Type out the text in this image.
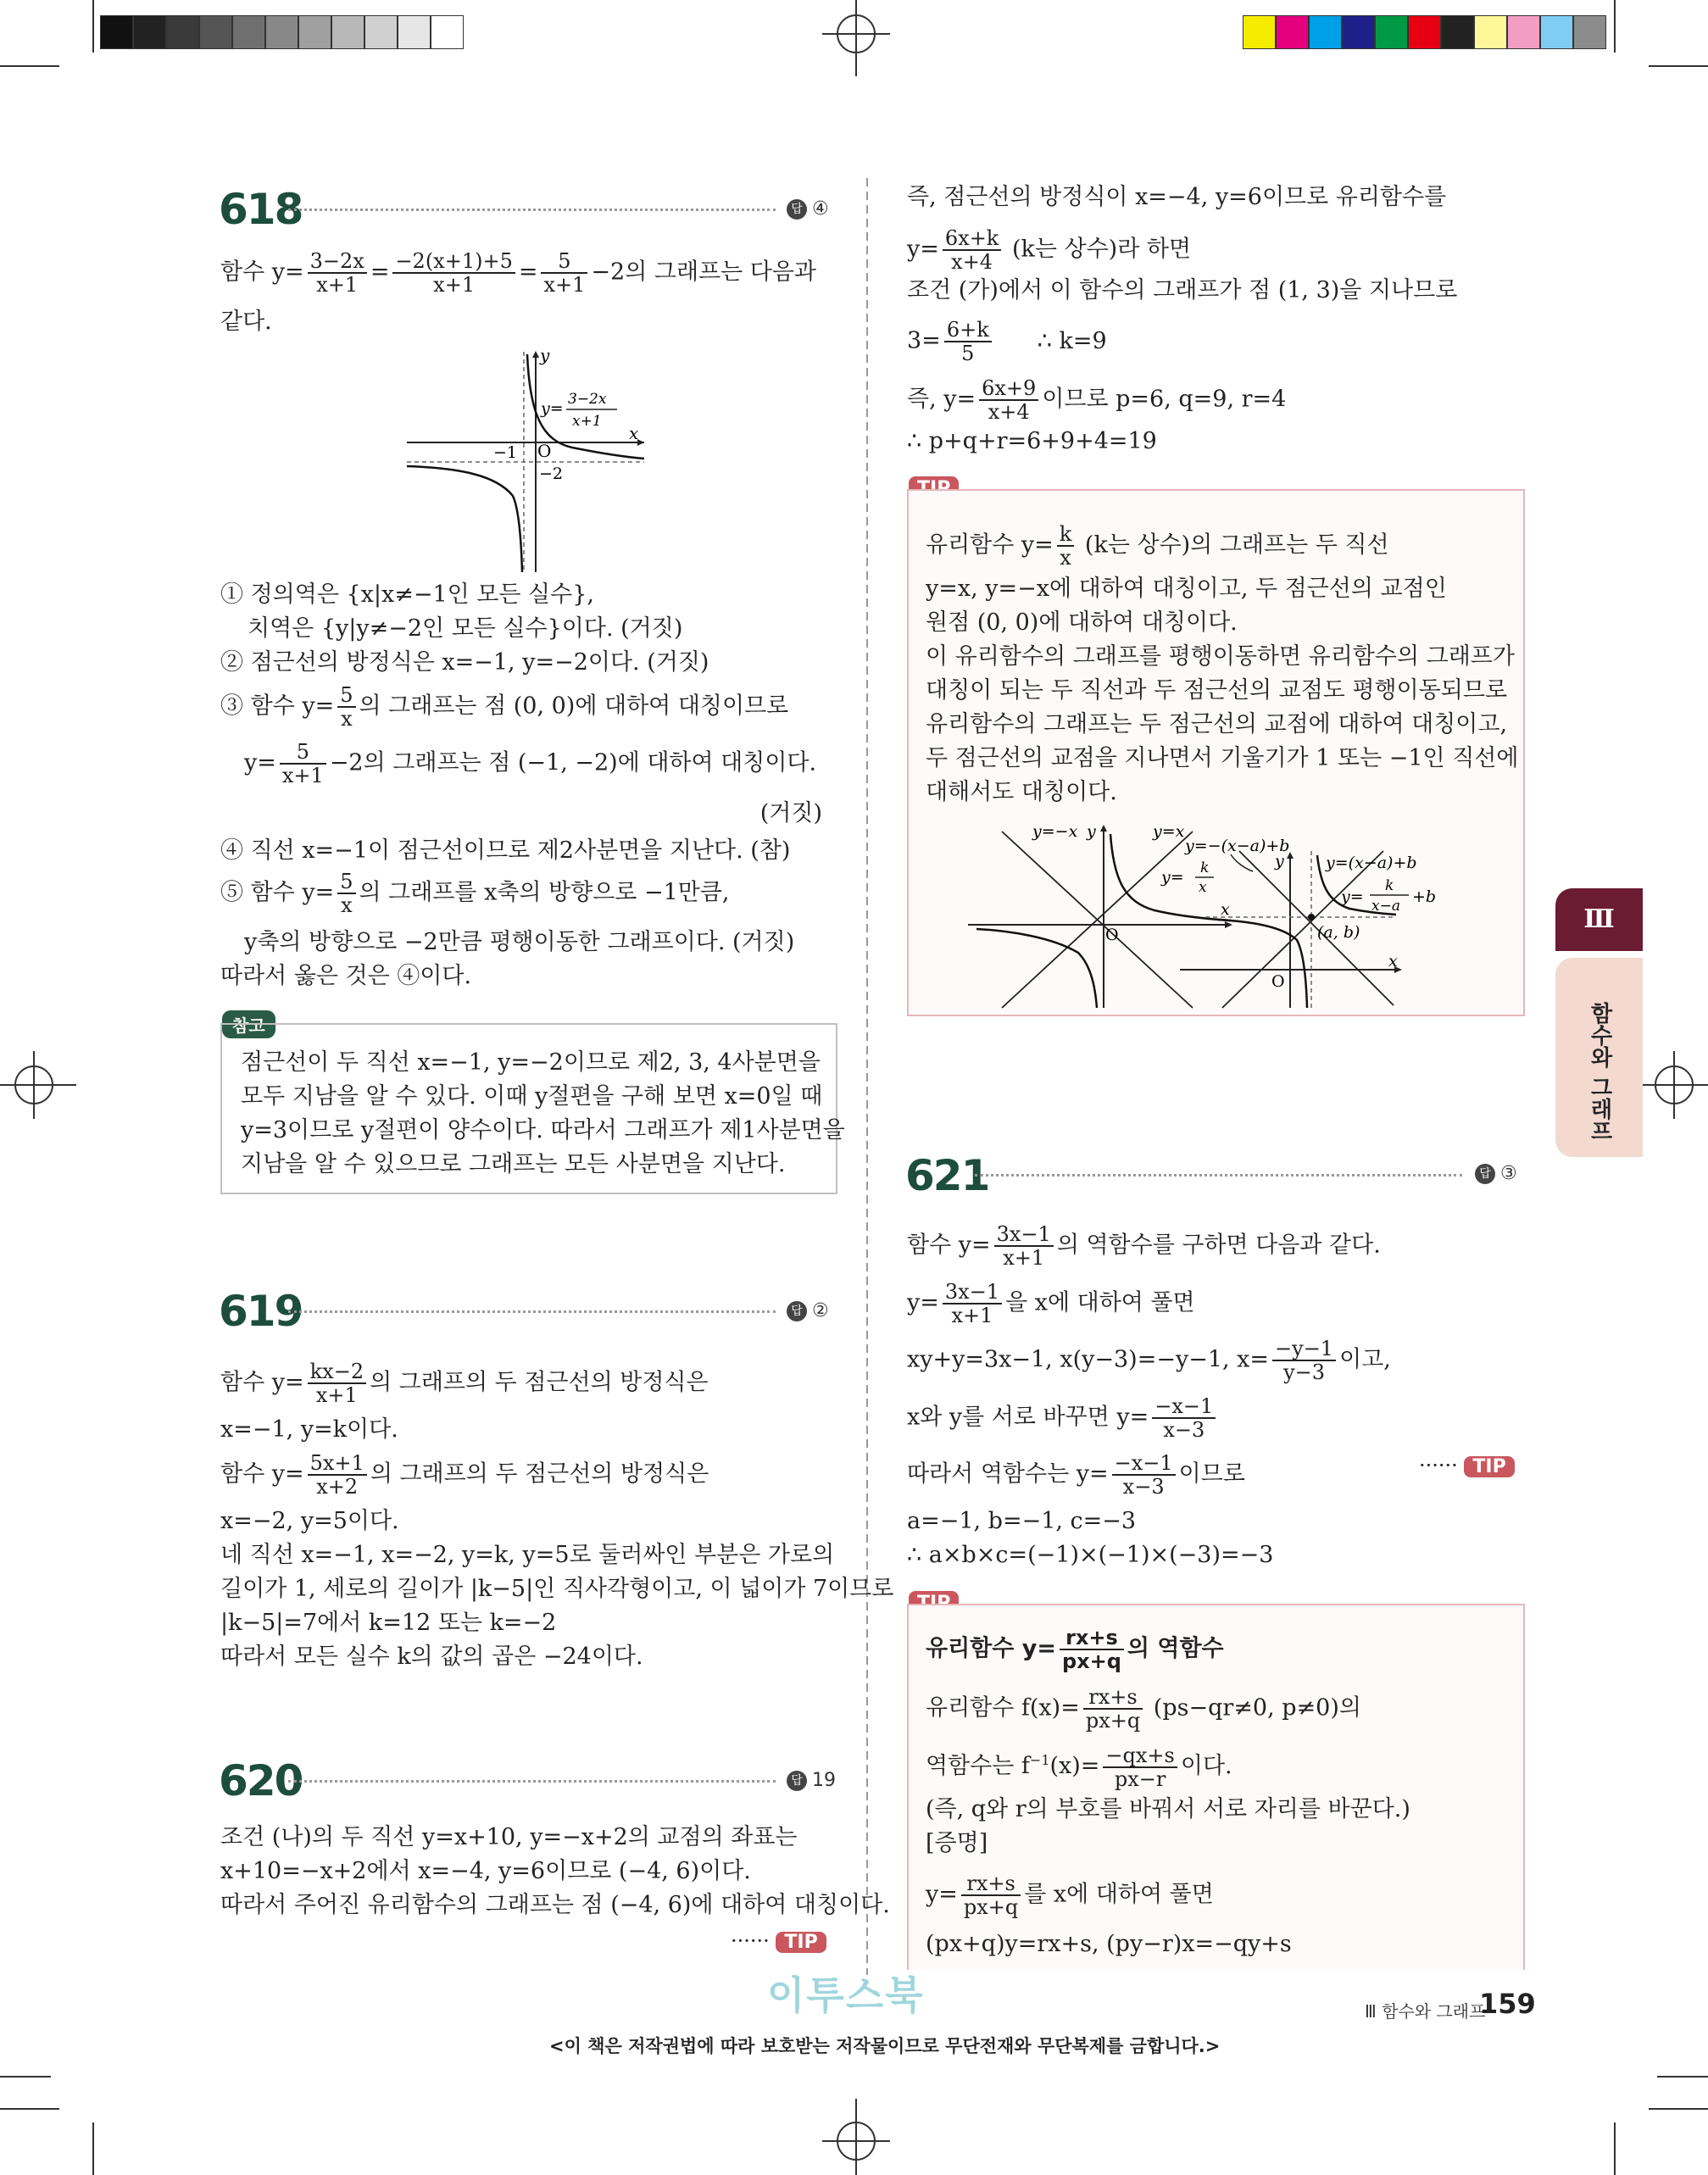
618	답 ④
함수 $y= \frac{3-2x}{x+1} = \frac{-2(x+1)+5}{x+1} = \frac{5}{x+1} -2$의 그래프는 다음과
같다.
y
x
O
−1
−2
y= 3−2x
x+1
① 정의역은 {x|x≠−1인 모든 실수},
치역은 {y|y≠−2인 모든 실수}이다. (거짓)
② 점근선의 방정식은 x=−1, y=−2이다. (거짓)
③ 함수 $y= \frac{5}{x}$ 의 그래프는 점 (0, 0)에 대하여 대칭이므로
$y= \frac{5}{x+1} -2$의 그래프는 점 (−1, −2)에 대하여 대칭이다.
(거짓)
④ 직선 x=−1이 점근선이므로 제2사분면을 지난다. (참)
⑤ 함수 $y= \frac{5}{x}$ 의 그래프를 x축의 방향으로 −1만큼,
y축의 방향으로 −2만큼 평행이동한 그래프이다. (거짓)
따라서 옳은 것은 ④이다.
참고
점근선이 두 직선 x=−1, y=−2이므로 제2, 3, 4사분면을
모두 지남을 알 수 있다. 이때 y절편을 구해 보면 x=0일 때
y=3이므로 y절편이 양수이다. 따라서 그래프가 제1사분면을
지남을 알 수 있으므로 그래프는 모든 사분면을 지난다.
619	답 ②
함수 $y= \frac{kx-2}{x+1}$ 의 그래프의 두 점근선의 방정식은
x=−1, y=k이다.
함수 $y= \frac{5x+1}{x+2}$ 의 그래프의 두 점근선의 방정식은
x=−2, y=5이다.
네 직선 x=−1, x=−2, y=k, y=5로 둘러싸인 부분은 가로의
길이가 1, 세로의 길이가 |k−5|인 직사각형이고, 이 넓이가 7이므로
|k−5|=7에서 k=12 또는 k=−2
따라서 모든 실수 k의 값의 곱은 −24이다.
620	답 19
조건 (나)의 두 직선 y=x+10, y=−x+2의 교점의 좌표는
x+10=−x+2에서 x=−4, y=6이므로 (−4, 6)이다.
따라서 주어진 유리함수의 그래프는 점 (−4, 6)에 대하여 대칭이다.
······ TIP
즉, 점근선의 방정식이 x=−4, y=6이므로 유리함수를
$y= \frac{6x+k}{x+4} (k$는 상수)라 하면
조건 (가)에서 이 함수의 그래프가 점 (1, 3)을 지나므로
$3= \frac{6+k}{5}$ ∴ k=9
즉, $y= \frac{6x+9}{x+4}$ 이므로 p=6, q=9, r=4
∴ p+q+r=6+9+4=19
유리함수 $y= \frac{k}{x} (k$는 상수)의 그래프는 두 직선
y=x, y=−x에 대하여 대칭이고, 두 점근선의 교점인
원점 (0, 0)에 대하여 대칭이다.
이 유리함수의 그래프를 평행이동하면 유리함수의 그래프가
대칭이 되는 두 직선과 두 점근선의 교점도 평행이동되므로
유리함수의 그래프는 두 점근선의 교점에 대하여 대칭이고,
두 점근선의 교점을 지나면서 기울기가 1 또는 −1인 직선에
대해서도 대칭이다.
y=−x y	y=x
y= k
x
x
O
y=−(x−a)+b
y	y=(x−a)+b
y=
k
x−a +b
(a, b)
x
O
621	답 ③
함수 $y= \frac{3x-1}{x+1}$ 의 역함수를 구하면 다음과 같다.
$y= \frac{3x-1}{x+1}$ 을 x에 대하여 풀면
xy+y=3x−1, x(y−3)=−y−1, $x= \frac{-y-1}{y-3}$ 이고,
x와 y를 서로 바꾸면 $y= \frac{-x-1}{x-3}$
따라서 역함수는 $y= \frac{-x-1}{x-3}$ 이므로
a=−1, b=−1, c=−3
∴ a×b×c=(−1)×(−1)×(−3)=−3
······ TIP
유리함수 $y= \frac{rx+s}{px+q}$ 의 역함수
유리함수 $f(x)= \frac{rx+s}{px+q} (ps-qr\ne 0$, p≠0)의
역함수는 $f^{-1}(x)= \frac{-qx+s}{px-r}$ 이다.
(즉, q와 r의 부호를 바꿔서 서로 자리를 바꾼다.)
[증명]
$y= \frac{rx+s}{px+q}$ 를 x에 대하여 풀면
(px+q)y=rx+s, (py−r)x=−qy+s
Ⅲ
함수와 그래프
이투스북	Ⅲ 함수와 그래프
159
<이 책은 저작권법에 따라 보호받는 저작물이므로 무단전재와 무단복제를 금합니다.>
